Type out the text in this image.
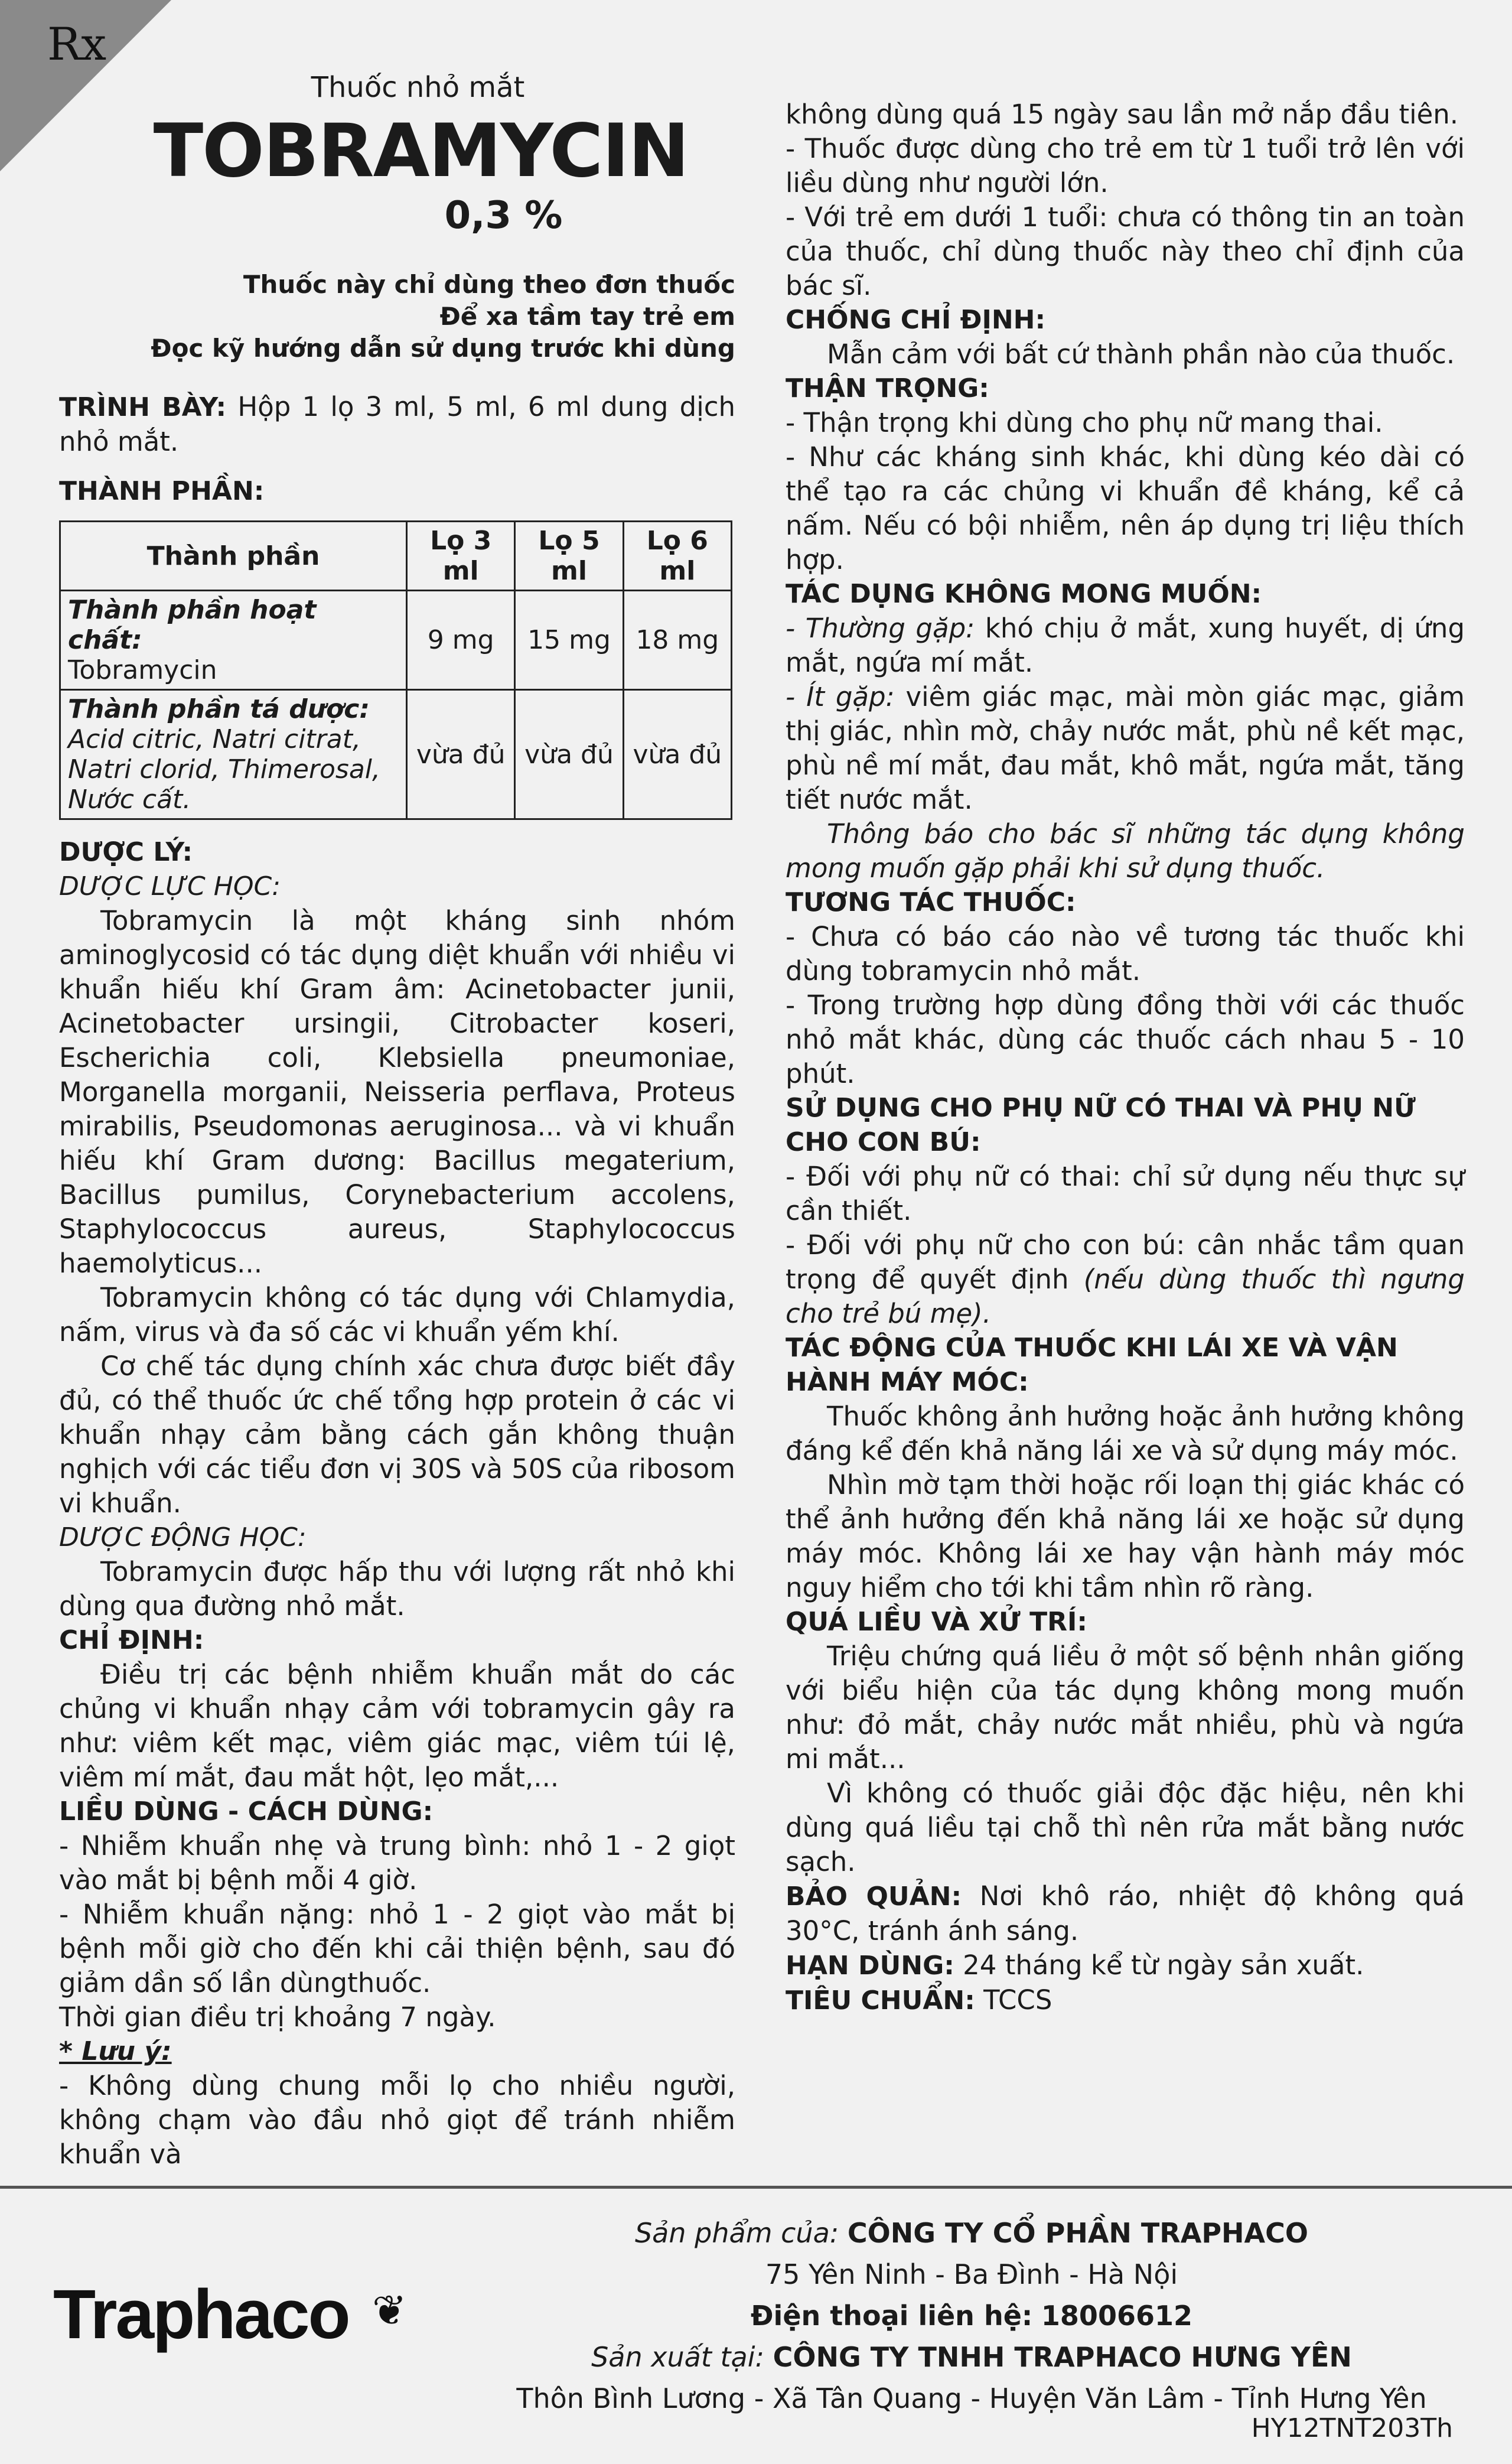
Rx

Thuốc nhỏ mắt

TOBRAMYCIN

0,3 %

Thuốc này chỉ dùng theo đơn thuốc

Để xa tầm tay trẻ em

Đọc kỹ hướng dẫn sử dụng trước khi dùng

TRÌNH BÀY: Hộp 1 lọ 3 ml, 5 ml, 6 ml dung dịch nhỏ mắt.

THÀNH PHẦN:

Thành phần	Lọ 3 ml	Lọ 5 ml	Lọ 6 ml

Thành phần hoạt chất:
Tobramycin	9 mg	15 mg	18 mg

Thành phần tá dược:
Acid citric, Natri citrat, Natri clorid, Thimerosal, Nước cất.	vừa đủ	vừa đủ	vừa đủ

DƯỢC LÝ:

DƯỢC LỰC HỌC:

Tobramycin là một kháng sinh nhóm aminoglycosid có tác dụng diệt khuẩn với nhiều vi khuẩn hiếu khí Gram âm: Acinetobacter junii, Acinetobacter ursingii, Citrobacter koseri, Escherichia coli, Klebsiella pneumoniae, Morganella morganii, Neisseria perflava, Proteus mirabilis, Pseudomonas aeruginosa... và vi khuẩn hiếu khí Gram dương: Bacillus megaterium, Bacillus pumilus, Corynebacterium accolens, Staphylococcus aureus, Staphylococcus haemolyticus...

Tobramycin không có tác dụng với Chlamydia, nấm, virus và đa số các vi khuẩn yếm khí.

Cơ chế tác dụng chính xác chưa được biết đầy đủ, có thể thuốc ức chế tổng hợp protein ở các vi khuẩn nhạy cảm bằng cách gắn không thuận nghịch với các tiểu đơn vị 30S và 50S của ribosom vi khuẩn.

DƯỢC ĐỘNG HỌC:

Tobramycin được hấp thu với lượng rất nhỏ khi dùng qua đường nhỏ mắt.

CHỈ ĐỊNH:

Điều trị các bệnh nhiễm khuẩn mắt do các chủng vi khuẩn nhạy cảm với tobramycin gây ra như: viêm kết mạc, viêm giác mạc, viêm túi lệ, viêm mí mắt, đau mắt hột, lẹo mắt,...

LIỀU DÙNG - CÁCH DÙNG:

- Nhiễm khuẩn nhẹ và trung bình: nhỏ 1 - 2 giọt vào mắt bị bệnh mỗi 4 giờ.

- Nhiễm khuẩn nặng: nhỏ 1 - 2 giọt vào mắt bị bệnh mỗi giờ cho đến khi cải thiện bệnh, sau đó giảm dần số lần dùngthuốc.

Thời gian điều trị khoảng 7 ngày.

* Lưu ý:

- Không dùng chung mỗi lọ cho nhiều người, không chạm vào đầu nhỏ giọt để tránh nhiễm khuẩn và

không dùng quá 15 ngày sau lần mở nắp đầu tiên.

- Thuốc được dùng cho trẻ em từ 1 tuổi trở lên với liều dùng như người lớn.

- Với trẻ em dưới 1 tuổi: chưa có thông tin an toàn của thuốc, chỉ dùng thuốc này theo chỉ định của bác sĩ.

CHỐNG CHỈ ĐỊNH:

Mẫn cảm với bất cứ thành phần nào của thuốc.

THẬN TRỌNG:

- Thận trọng khi dùng cho phụ nữ mang thai.

- Như các kháng sinh khác, khi dùng kéo dài có thể tạo ra các chủng vi khuẩn đề kháng, kể cả nấm. Nếu có bội nhiễm, nên áp dụng trị liệu thích hợp.

TÁC DỤNG KHÔNG MONG MUỐN:

- Thường gặp: khó chịu ở mắt, xung huyết, dị ứng mắt, ngứa mí mắt.

- Ít gặp: viêm giác mạc, mài mòn giác mạc, giảm thị giác, nhìn mờ, chảy nước mắt, phù nề kết mạc, phù nề mí mắt, đau mắt, khô mắt, ngứa mắt, tăng tiết nước mắt.

Thông báo cho bác sĩ những tác dụng không mong muốn gặp phải khi sử dụng thuốc.

TƯƠNG TÁC THUỐC:

- Chưa có báo cáo nào về tương tác thuốc khi dùng tobramycin nhỏ mắt.

- Trong trường hợp dùng đồng thời với các thuốc nhỏ mắt khác, dùng các thuốc cách nhau 5 - 10 phút.

SỬ DỤNG CHO PHỤ NỮ CÓ THAI VÀ PHỤ NỮ CHO CON BÚ:

- Đối với phụ nữ có thai: chỉ sử dụng nếu thực sự cần thiết.

- Đối với phụ nữ cho con bú: cân nhắc tầm quan trọng để quyết định (nếu dùng thuốc thì ngưng cho trẻ bú mẹ).

TÁC ĐỘNG CỦA THUỐC KHI LÁI XE VÀ VẬN HÀNH MÁY MÓC:

Thuốc không ảnh hưởng hoặc ảnh hưởng không đáng kể đến khả năng lái xe và sử dụng máy móc.

Nhìn mờ tạm thời hoặc rối loạn thị giác khác có thể ảnh hưởng đến khả năng lái xe hoặc sử dụng máy móc. Không lái xe hay vận hành máy móc nguy hiểm cho tới khi tầm nhìn rõ ràng.

QUÁ LIỀU VÀ XỬ TRÍ:

Triệu chứng quá liều ở một số bệnh nhân giống với biểu hiện của tác dụng không mong muốn như: đỏ mắt, chảy nước mắt nhiều, phù và ngứa mi mắt...

Vì không có thuốc giải độc đặc hiệu, nên khi dùng quá liều tại chỗ thì nên rửa mắt bằng nước sạch.

BẢO QUẢN: Nơi khô ráo, nhiệt độ không quá 30°C, tránh ánh sáng.

HẠN DÙNG: 24 tháng kể từ ngày sản xuất.

TIÊU CHUẨN: TCCS

Traphaco ❦

Sản phẩm của: CÔNG TY CỔ PHẦN TRAPHACO

75 Yên Ninh - Ba Đình - Hà Nội

Điện thoại liên hệ: 18006612

Sản xuất tại: CÔNG TY TNHH TRAPHACO HƯNG YÊN

Thôn Bình Lương - Xã Tân Quang - Huyện Văn Lâm - Tỉnh Hưng Yên

HY12TNT203Th
